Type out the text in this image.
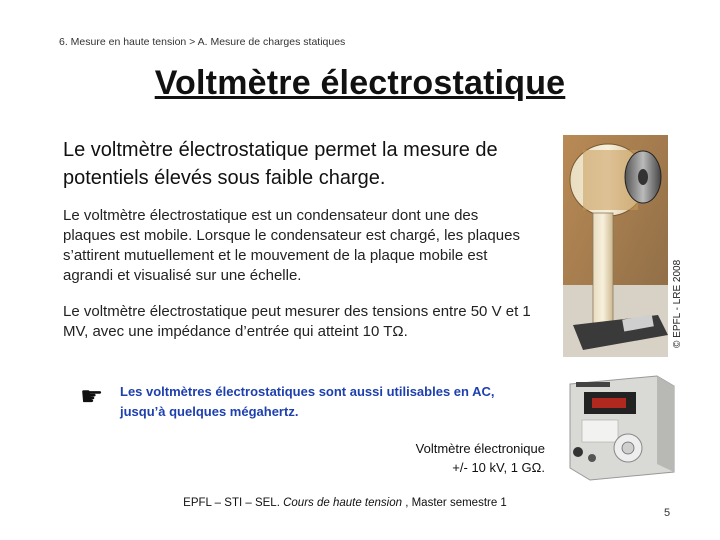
6. Mesure en haute tension > A. Mesure de charges statiques
Voltmètre électrostatique
Le voltmètre électrostatique permet la mesure de potentiels élevés sous faible charge.
Le voltmètre électrostatique est un condensateur dont une des plaques est mobile. Lorsque le condensateur est chargé, les plaques s’attirent mutuellement et le mouvement de la plaque mobile est agrandi et visualisé sur une échelle.
Le voltmètre électrostatique peut mesurer des tensions entre 50 V et 1 MV, avec une impédance d’entrée qui atteint 10 TΩ.
☛ Les voltmètres électrostatiques sont aussi utilisables en AC, jusqu’à quelques mégahertz.
© EPFL - LRE 2008
Voltmètre électronique
+/- 10 kV, 1 GΩ.
EPFL – STI – SEL. Cours de haute tension , Master semestre 1
5
